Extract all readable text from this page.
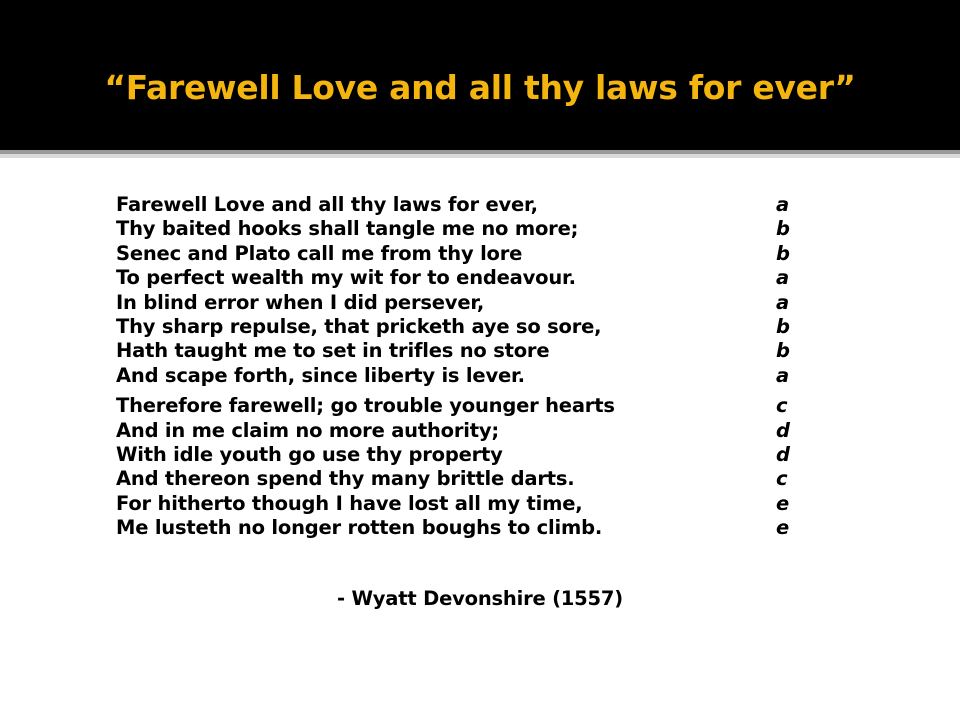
“Farewell Love and all thy laws for ever”
Farewell Love and all thy laws for ever,	a
Thy baited hooks shall tangle me no more;	b
Senec and Plato call me from thy lore	b
To perfect wealth my wit for to endeavour.	a
In blind error when I did persever,	a
Thy sharp repulse, that pricketh aye so sore,	b
Hath taught me to set in trifles no store	b
And scape forth, since liberty is lever.	a
Therefore farewell; go trouble younger hearts	c
And in me claim no more authority;	d
With idle youth go use thy property	d
And thereon spend thy many brittle darts.	c
For hitherto though I have lost all my time,	e
Me lusteth no longer rotten boughs to climb.	e
- Wyatt Devonshire (1557)
